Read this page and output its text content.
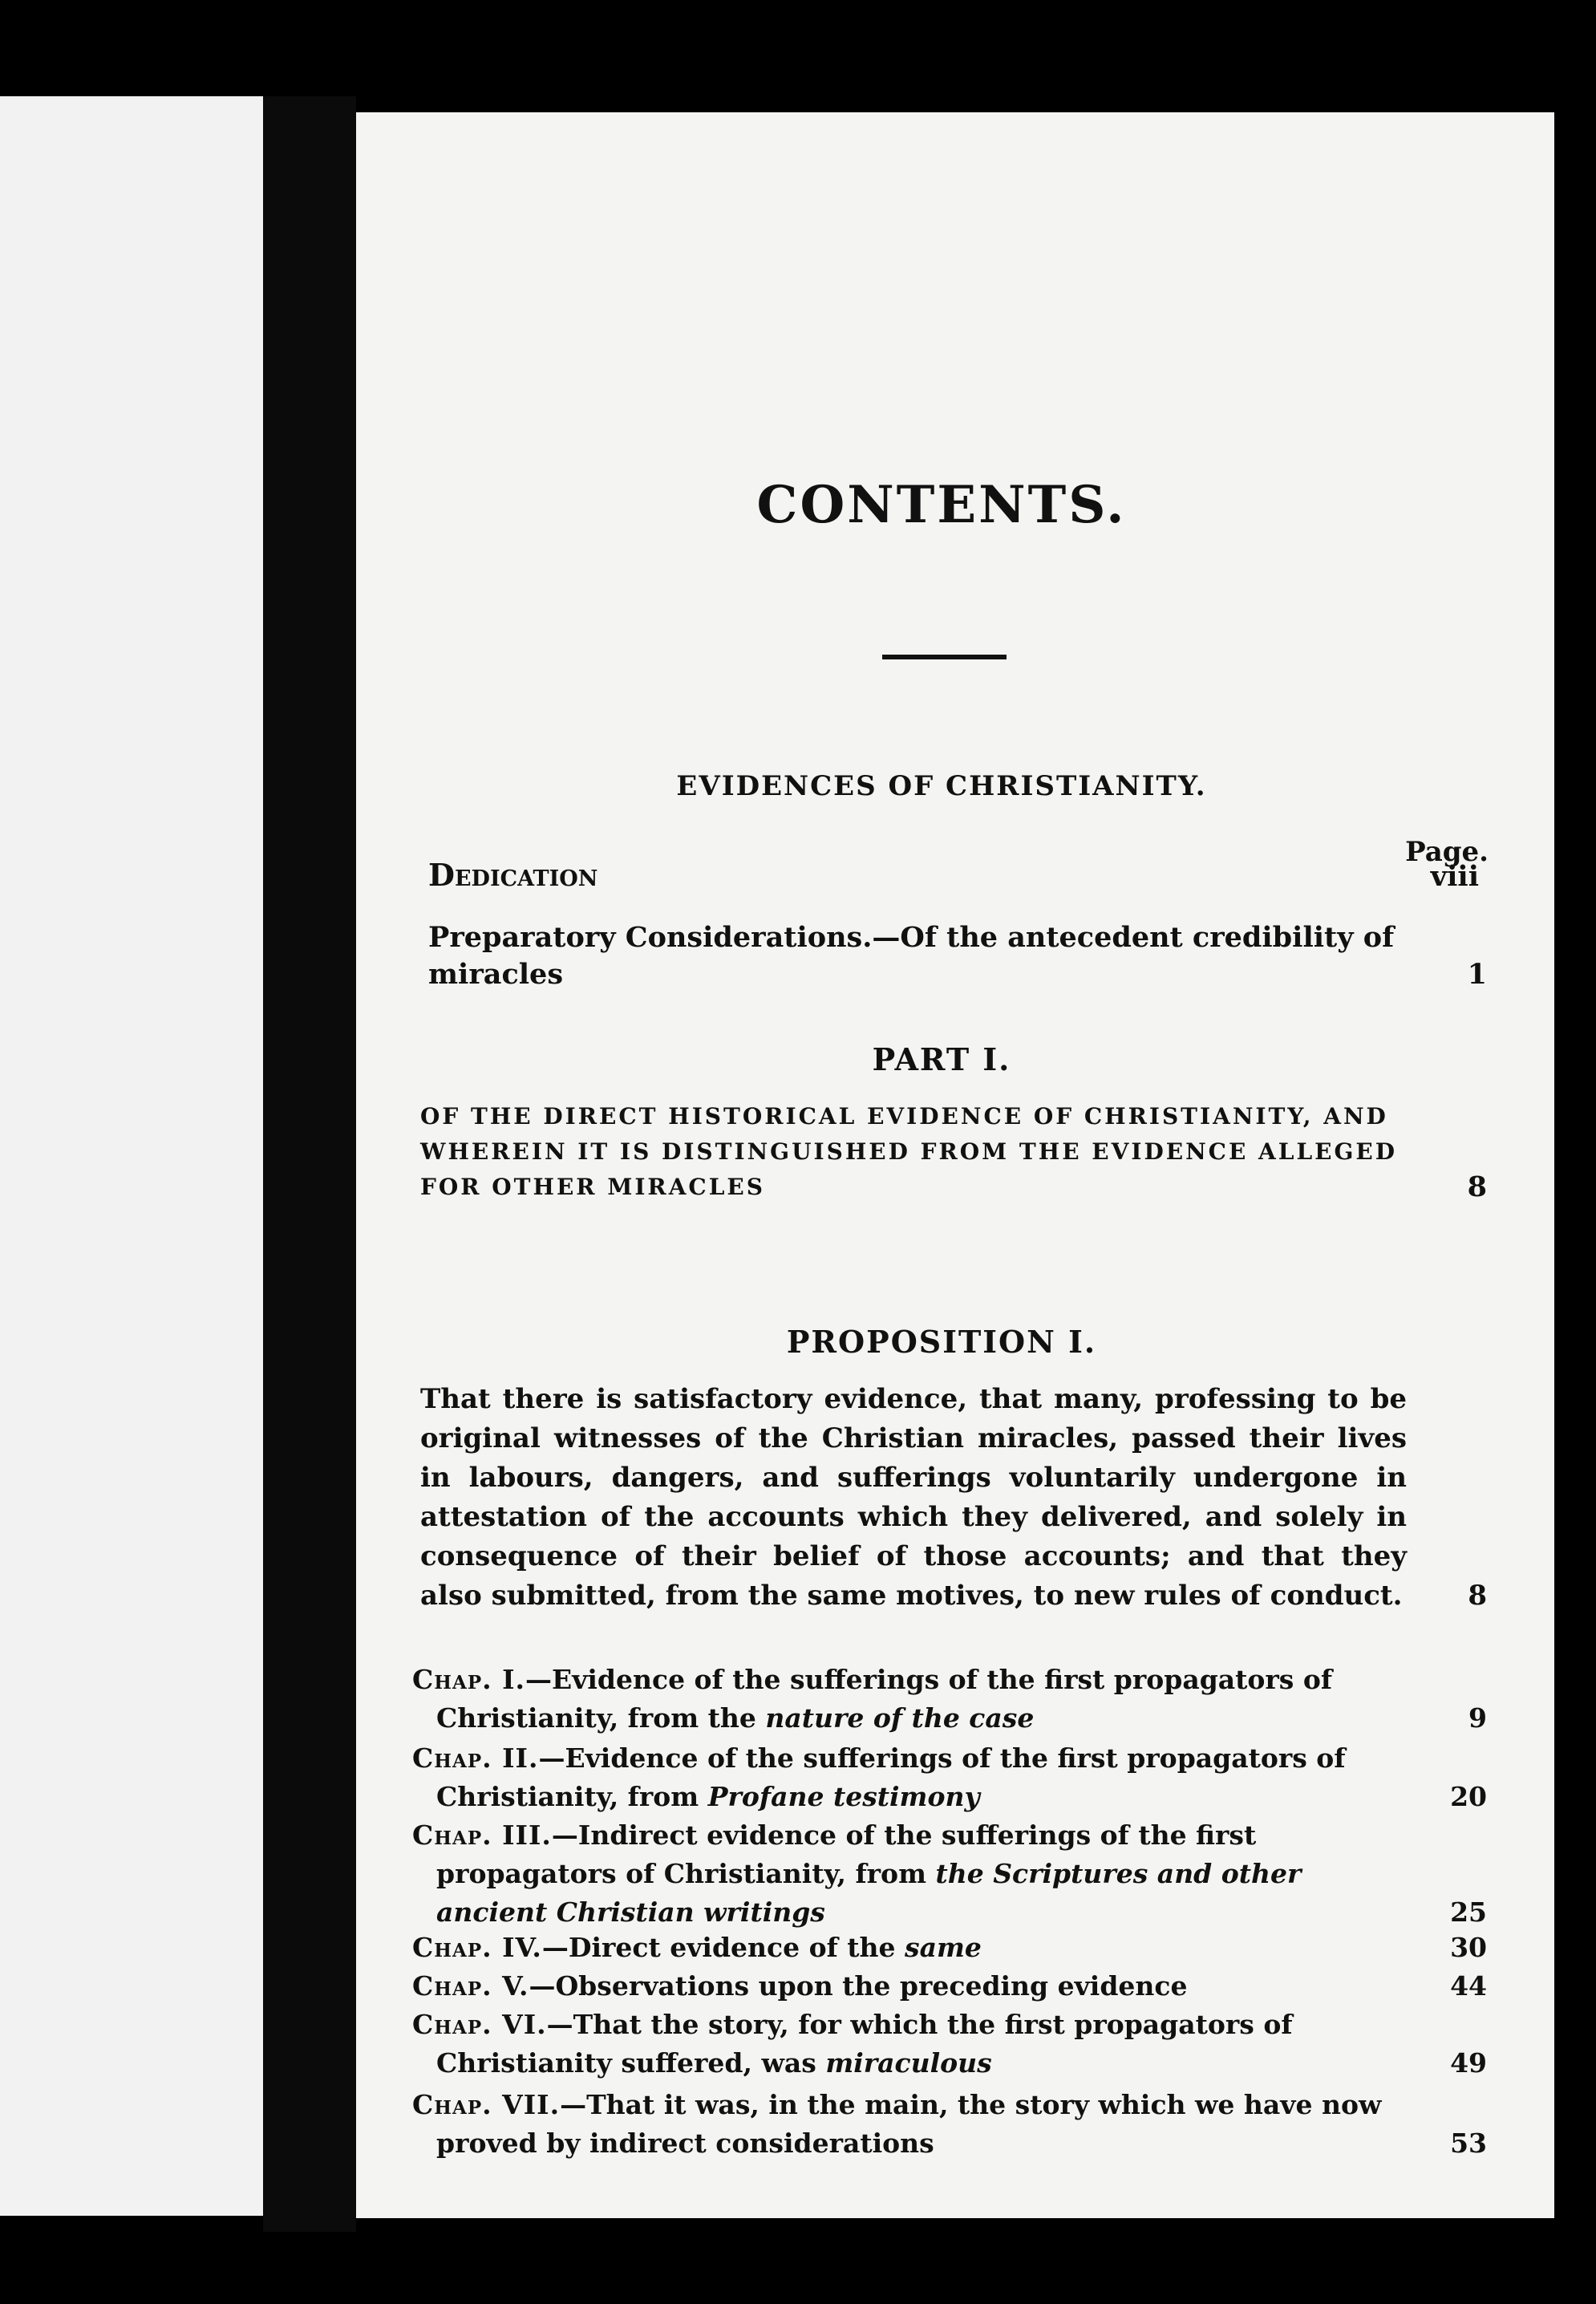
CONTENTS.
EVIDENCES OF CHRISTIANITY.
Page.
Dedication	viii
Preparatory Considerations.—Of the antecedent credibility of miracles	1
PART I.
OF THE DIRECT HISTORICAL EVIDENCE OF CHRISTIANITY, AND WHEREIN IT IS DISTINGUISHED FROM THE EVIDENCE ALLEGED FOR OTHER MIRACLES	8
PROPOSITION I.
That there is satisfactory evidence, that many, professing to be original witnesses of the Christian miracles, passed their lives in labours, dangers, and sufferings voluntarily undergone in attestation of the accounts which they delivered, and solely in consequence of their belief of those accounts; and that they also submitted, from the same motives, to new rules of conduct. 8
Chap. I.—Evidence of the sufferings of the first propagators of Christianity, from the nature of the case	9
Chap. II.—Evidence of the sufferings of the first propagators of Christianity, from Profane testimony	20
Chap. III.—Indirect evidence of the sufferings of the first propagators of Christianity, from the Scriptures and other ancient Christian writings	25
Chap. IV.—Direct evidence of the same	30
Chap. V.—Observations upon the preceding evidence	44
Chap. VI.—That the story, for which the first propagators of Christianity suffered, was miraculous	49
Chap. VII.—That it was, in the main, the story which we have now proved by indirect considerations	53
